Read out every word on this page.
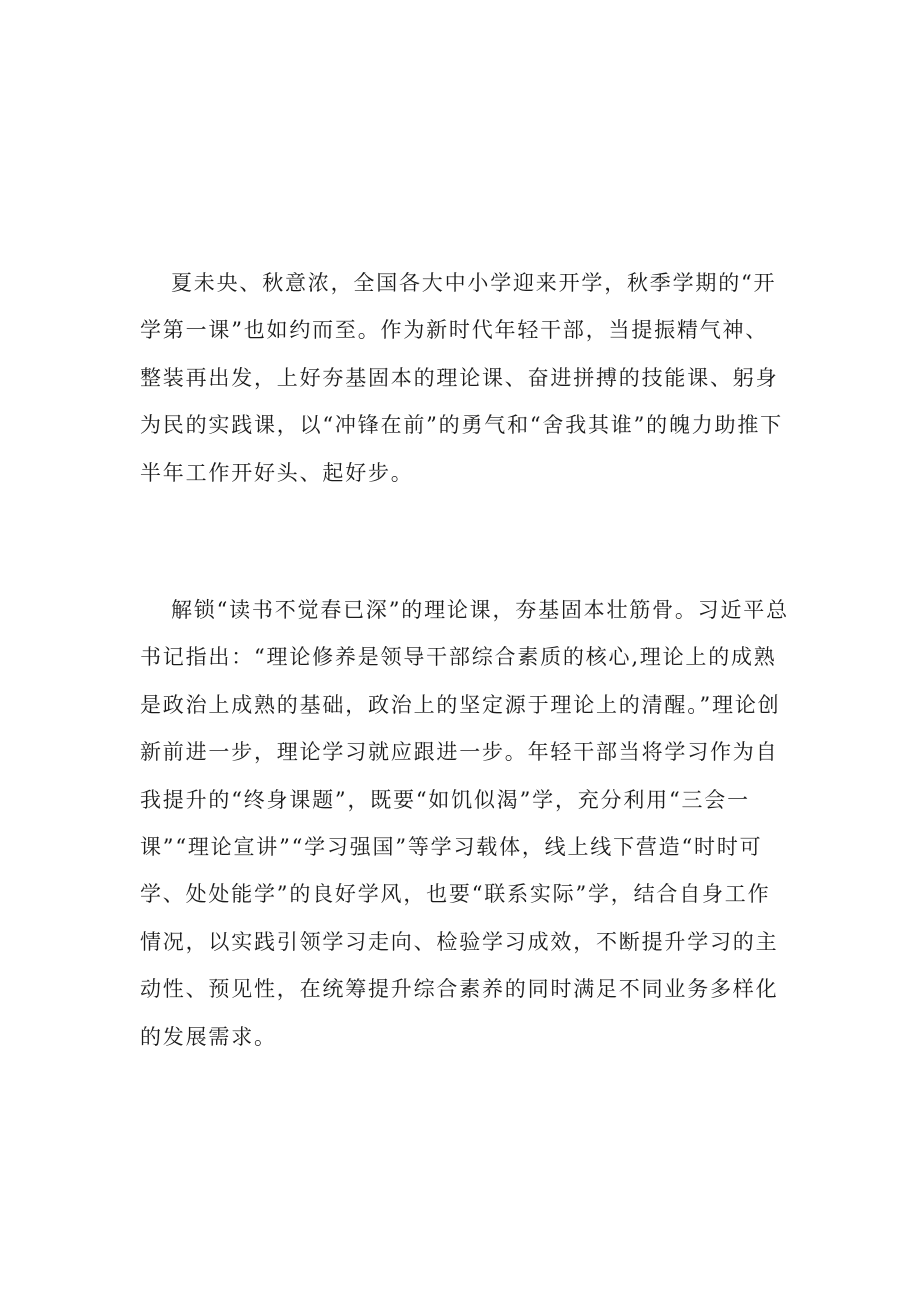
夏未央、秋意浓，全国各大中小学迎来开学，秋季学期的“开学第一课”也如约而至。作为新时代年轻干部，当提振精气神、整装再出发，上好夯基固本的理论课、奋进拼搏的技能课、躬身为民的实践课，以“冲锋在前”的勇气和“舍我其谁”的魄力助推下半年工作开好头、起好步。

解锁“读书不觉春已深”的理论课，夯基固本壮筋骨。习近平总书记指出：“理论修养是领导干部综合素质的核心,理论上的成熟是政治上成熟的基础，政治上的坚定源于理论上的清醒。”理论创新前进一步，理论学习就应跟进一步。年轻干部当将学习作为自我提升的“终身课题”，既要“如饥似渴”学，充分利用“三会一课”“理论宣讲”“学习强国”等学习载体，线上线下营造“时时可学、处处能学”的良好学风，也要“联系实际”学，结合自身工作情况，以实践引领学习走向、检验学习成效，不断提升学习的主动性、预见性，在统筹提升综合素养的同时满足不同业务多样化的发展需求。
